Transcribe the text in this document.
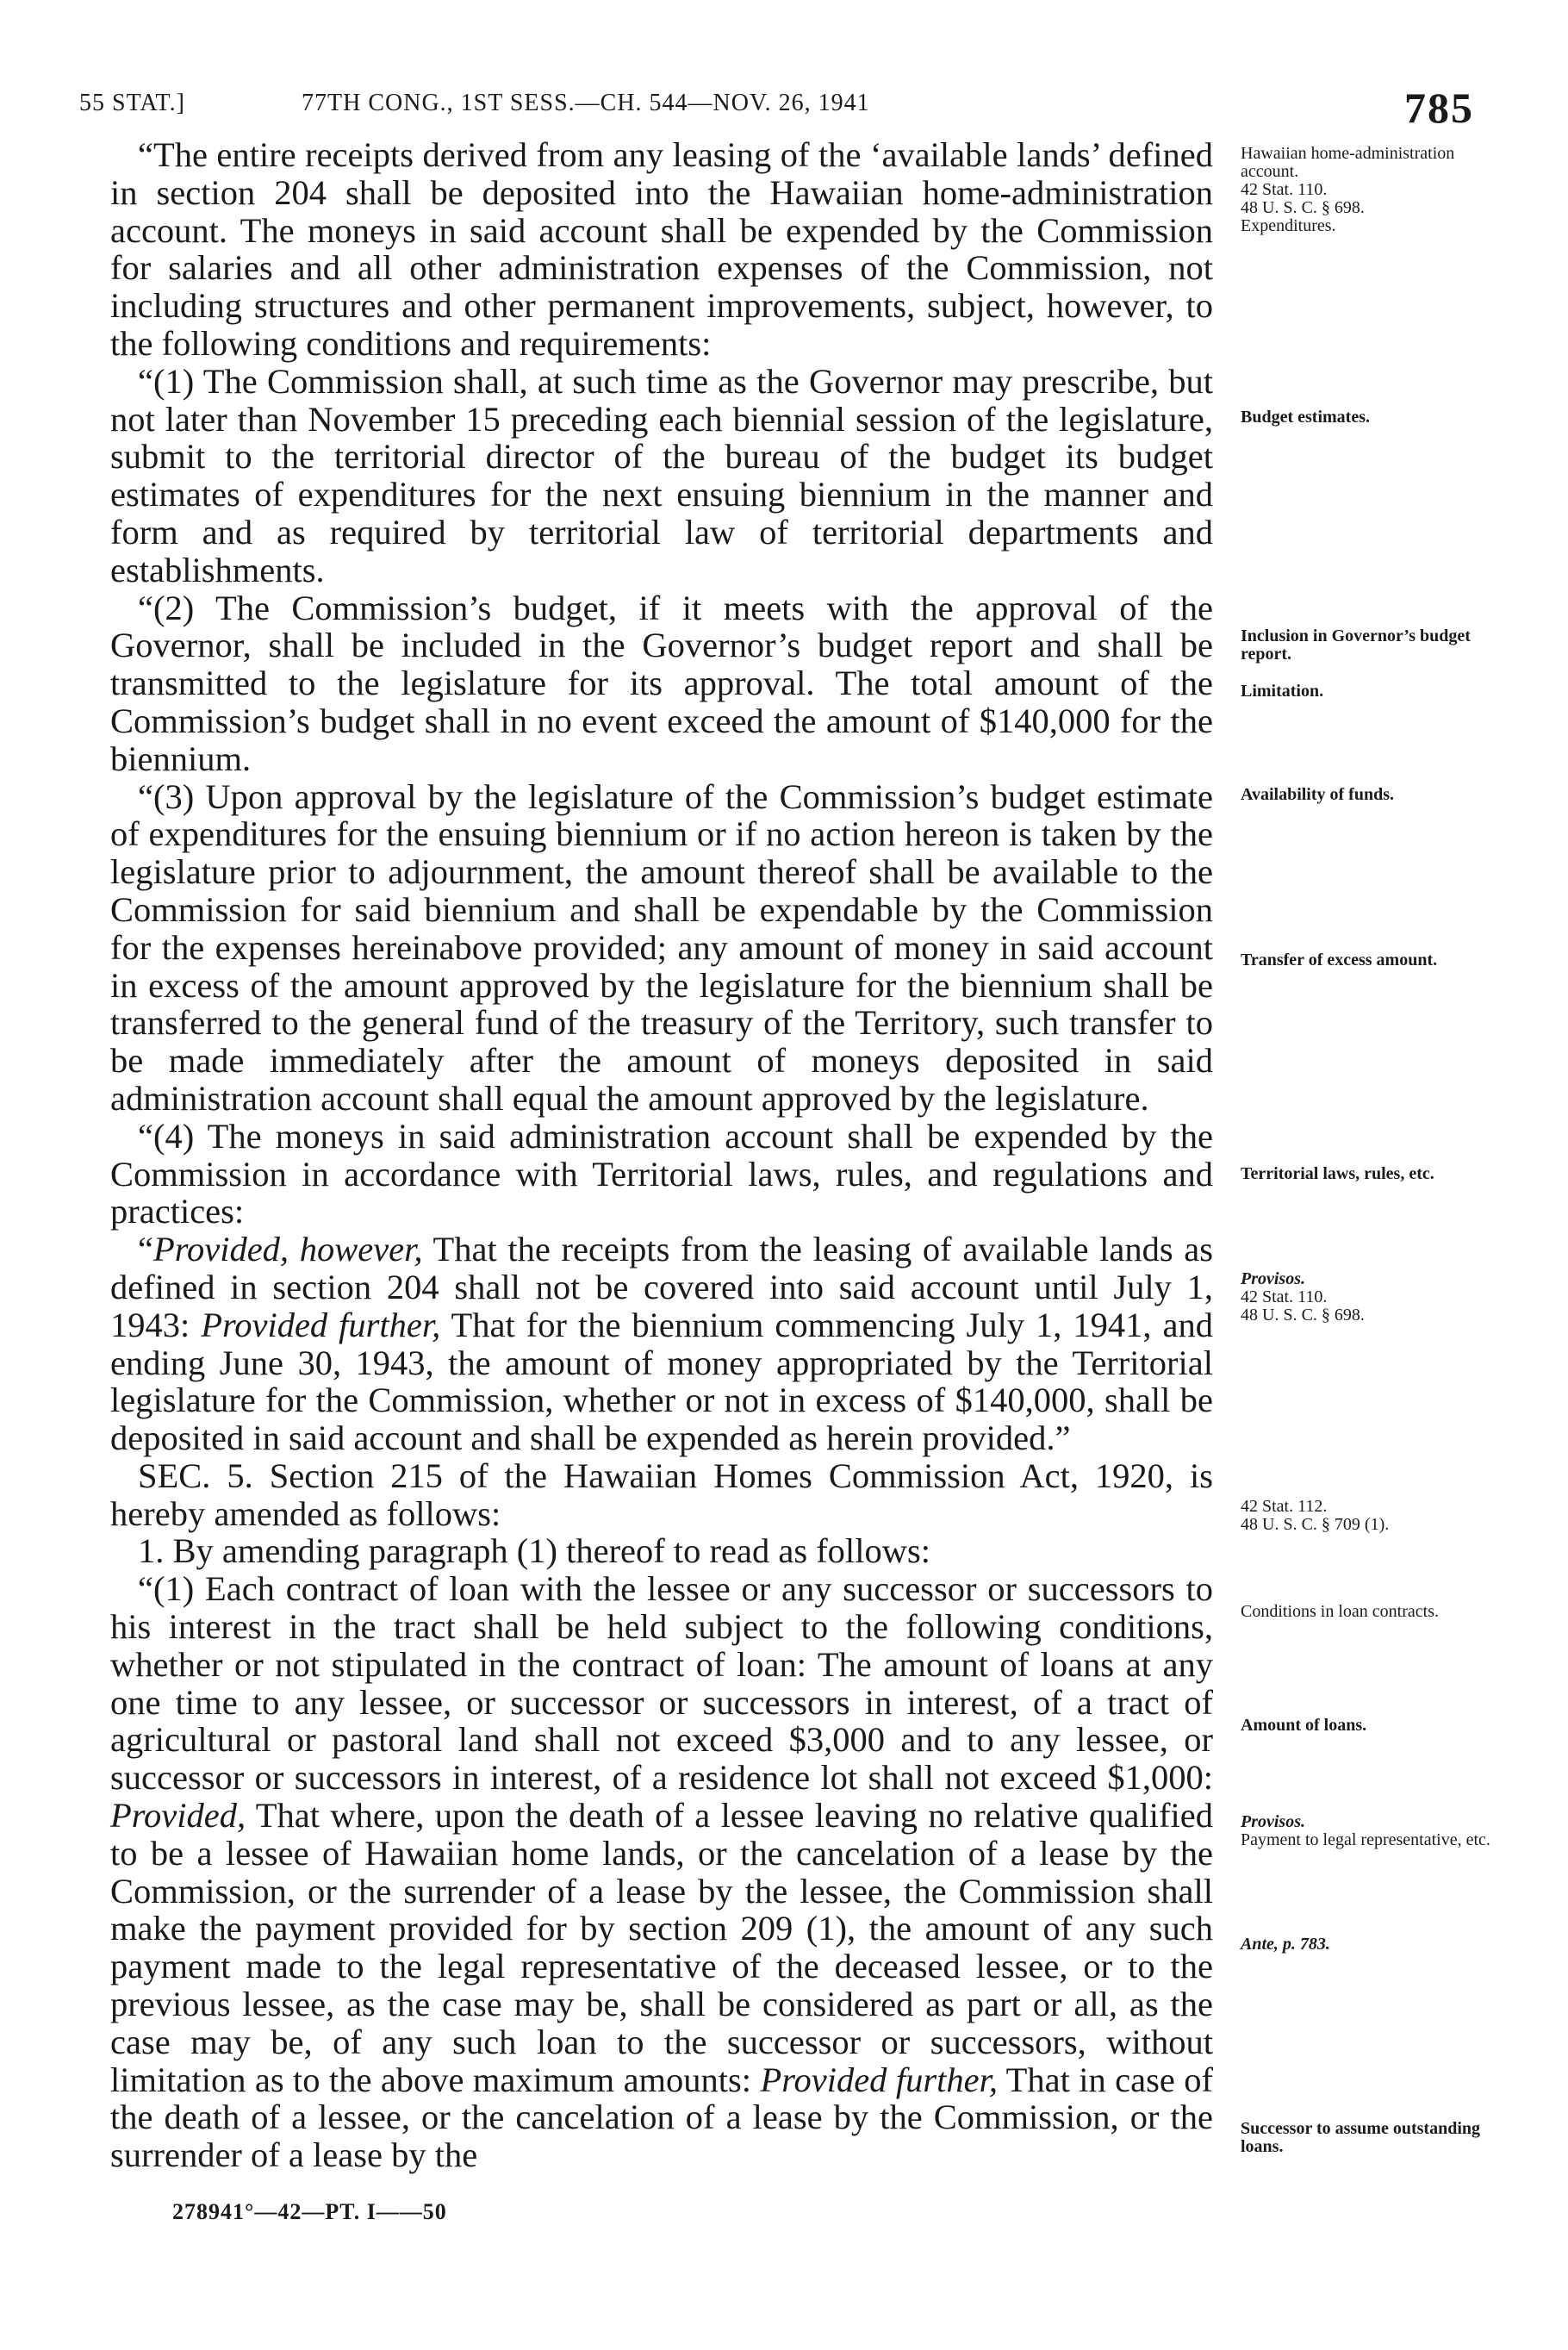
55 STAT.]	77TH CONG., 1ST SESS.—CH. 544—NOV. 26, 1941	785

“The entire receipts derived from any leasing of the ‘available lands’ defined in section 204 shall be deposited into the Hawaiian home-administration account. The moneys in said account shall be expended by the Commission for salaries and all other administration expenses of the Commission, not including structures and other permanent improvements, subject, however, to the following conditions and requirements:

“(1) The Commission shall, at such time as the Governor may prescribe, but not later than November 15 preceding each biennial session of the legislature, submit to the territorial director of the bureau of the budget its budget estimates of expenditures for the next ensuing biennium in the manner and form and as required by territorial law of territorial departments and establishments.

“(2) The Commission’s budget, if it meets with the approval of the Governor, shall be included in the Governor’s budget report and shall be transmitted to the legislature for its approval. The total amount of the Commission’s budget shall in no event exceed the amount of $140,000 for the biennium.

“(3) Upon approval by the legislature of the Commission’s budget estimate of expenditures for the ensuing biennium or if no action hereon is taken by the legislature prior to adjournment, the amount thereof shall be available to the Commission for said biennium and shall be expendable by the Commission for the expenses hereinabove provided; any amount of money in said account in excess of the amount approved by the legislature for the biennium shall be transferred to the general fund of the treasury of the Territory, such transfer to be made immediately after the amount of moneys deposited in said administration account shall equal the amount approved by the legislature.

“(4) The moneys in said administration account shall be expended by the Commission in accordance with Territorial laws, rules, and regulations and practices:

“Provided, however, That the receipts from the leasing of available lands as defined in section 204 shall not be covered into said account until July 1, 1943: Provided further, That for the biennium commencing July 1, 1941, and ending June 30, 1943, the amount of money appropriated by the Territorial legislature for the Commission, whether or not in excess of $140,000, shall be deposited in said account and shall be expended as herein provided.”

SEC. 5. Section 215 of the Hawaiian Homes Commission Act, 1920, is hereby amended as follows:

1. By amending paragraph (1) thereof to read as follows:

“(1) Each contract of loan with the lessee or any successor or successors to his interest in the tract shall be held subject to the following conditions, whether or not stipulated in the contract of loan: The amount of loans at any one time to any lessee, or successor or successors in interest, of a tract of agricultural or pastoral land shall not exceed $3,000 and to any lessee, or successor or successors in interest, of a residence lot shall not exceed $1,000: Provided, That where, upon the death of a lessee leaving no relative qualified to be a lessee of Hawaiian home lands, or the cancelation of a lease by the Commission, or the surrender of a lease by the lessee, the Commission shall make the payment provided for by section 209 (1), the amount of any such payment made to the legal representative of the deceased lessee, or to the previous lessee, as the case may be, shall be considered as part or all, as the case may be, of any such loan to the successor or successors, without limitation as to the above maximum amounts: Provided further, That in case of the death of a lessee, or the cancelation of a lease by the Commission, or the surrender of a lease by the

Hawaiian home-administration account.
42 Stat. 110.
48 U. S. C. § 698.
Expenditures.
Budget estimates.
Inclusion in Governor’s budget report.
Limitation.
Availability of funds.
Transfer of excess amount.
Territorial laws, rules, etc.
Provisos.
42 Stat. 110.
48 U. S. C. § 698.
42 Stat. 112.
48 U. S. C. § 709 (1).
Conditions in loan contracts.
Amount of loans.
Provisos.
Payment to legal representative, etc.
Ante, p. 783.
Successor to assume outstanding loans.
278941°—42—PT. I——50
